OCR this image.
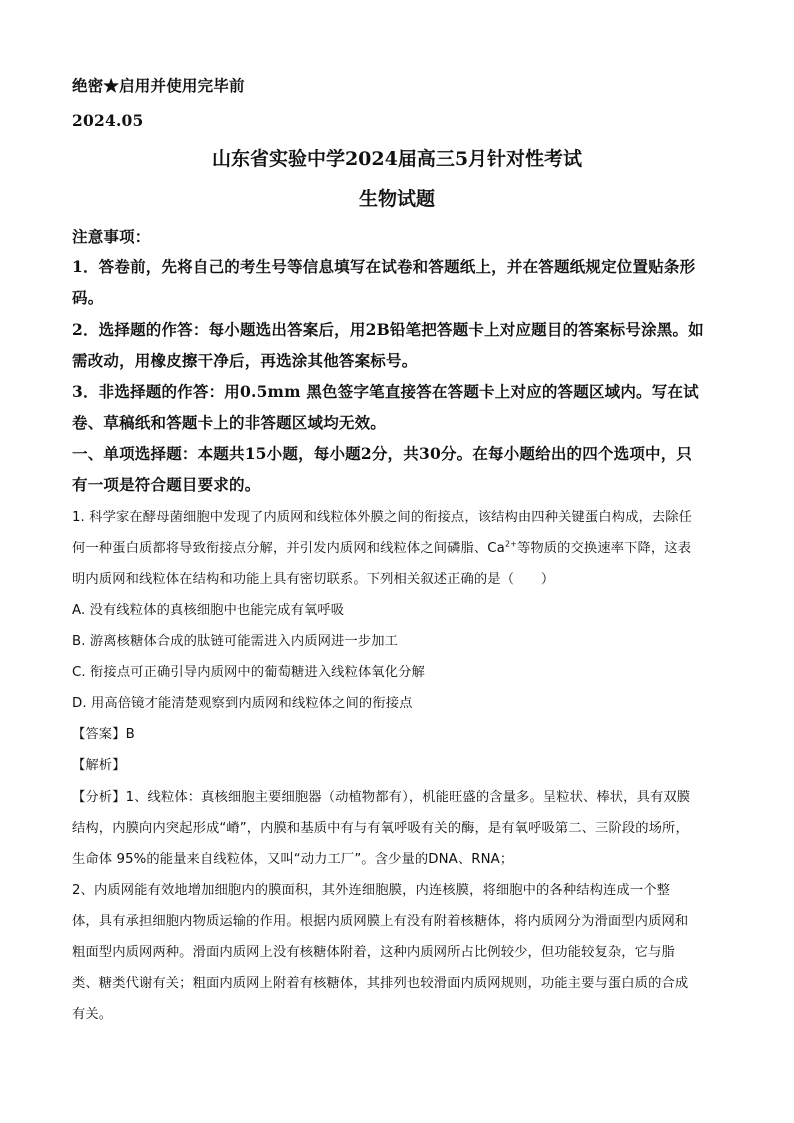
绝密★启用并使用完毕前
2024.05
山东省实验中学2024届高三5月针对性考试
生物试题
注意事项：
1．答卷前，先将自己的考生号等信息填写在试卷和答题纸上，并在答题纸规定位置贴条形
码。
2．选择题的作答：每小题选出答案后，用2B铅笔把答题卡上对应题目的答案标号涂黑。如
需改动，用橡皮擦干净后，再选涂其他答案标号。
3．非选择题的作答：用0.5mm 黑色签字笔直接答在答题卡上对应的答题区域内。写在试
卷、草稿纸和答题卡上的非答题区域均无效。
一、单项选择题：本题共15小题，每小题2分，共30分。在每小题给出的四个选项中，只
有一项是符合题目要求的。
1. 科学家在酵母菌细胞中发现了内质网和线粒体外膜之间的衔接点，该结构由四种关键蛋白构成，去除任
何一种蛋白质都将导致衔接点分解，并引发内质网和线粒体之间磷脂、$Ca^{2+}$等物质的交换速率下降，这表
明内质网和线粒体在结构和功能上具有密切联系。下列相关叙述正确的是（　　）
A. 没有线粒体的真核细胞中也能完成有氧呼吸
B. 游离核糖体合成的肽链可能需进入内质网进一步加工
C. 衔接点可正确引导内质网中的葡萄糖进入线粒体氧化分解
D. 用高倍镜才能清楚观察到内质网和线粒体之间的衔接点
【答案】B
【解析】
【分析】1、线粒体：真核细胞主要细胞器（动植物都有），机能旺盛的含量多。呈粒状、棒状，具有双膜
结构，内膜向内突起形成“嵴”，内膜和基质中有与有氧呼吸有关的酶，是有氧呼吸第二、三阶段的场所，
生命体 95%的能量来自线粒体，又叫“动力工厂”。含少量的DNA、RNA；
2、内质网能有效地增加细胞内的膜面积，其外连细胞膜，内连核膜，将细胞中的各种结构连成一个整
体，具有承担细胞内物质运输的作用。根据内质网膜上有没有附着核糖体，将内质网分为滑面型内质网和
粗面型内质网两种。滑面内质网上没有核糖体附着，这种内质网所占比例较少，但功能较复杂，它与脂
类、糖类代谢有关；粗面内质网上附着有核糖体，其排列也较滑面内质网规则，功能主要与蛋白质的合成
有关。
